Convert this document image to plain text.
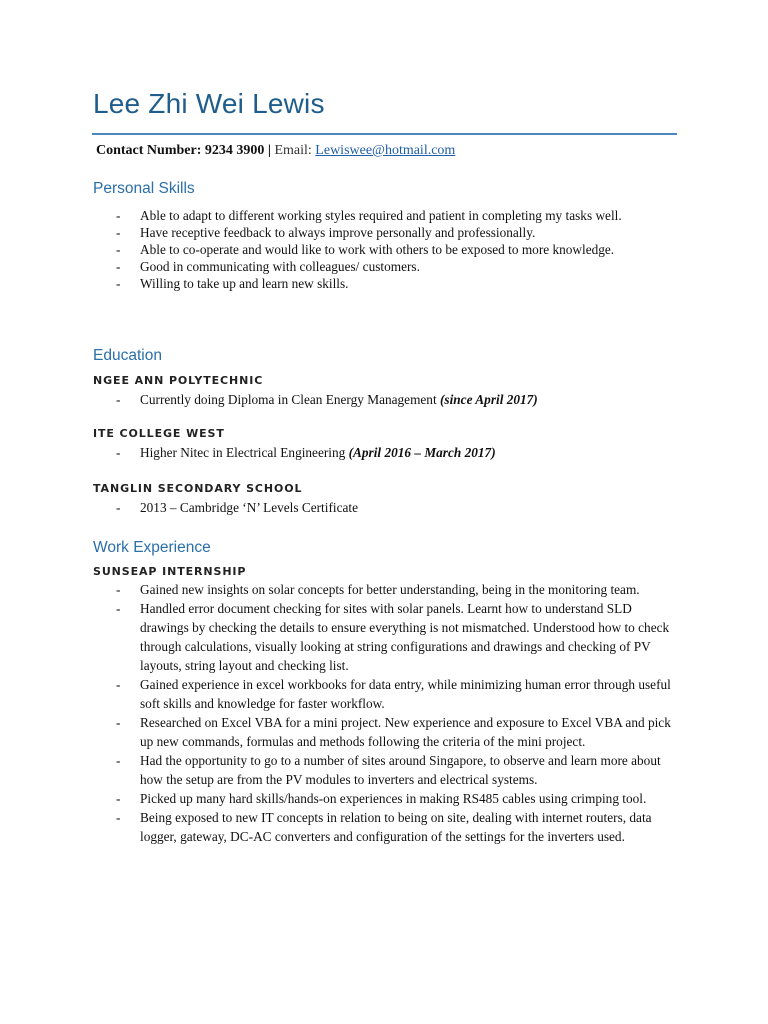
Lee Zhi Wei Lewis
Contact Number: 9234 3900 | Email: Lewiswee@hotmail.com
Personal Skills
- Able to adapt to different working styles required and patient in completing my tasks well.
- Have receptive feedback to always improve personally and professionally.
- Able to co-operate and would like to work with others to be exposed to more knowledge.
- Good in communicating with colleagues/ customers.
- Willing to take up and learn new skills.
Education
NGEE ANN POLYTECHNIC
- Currently doing Diploma in Clean Energy Management (since April 2017)
ITE COLLEGE WEST
- Higher Nitec in Electrical Engineering (April 2016 – March 2017)
TANGLIN SECONDARY SCHOOL
- 2013 – Cambridge ‘N’ Levels Certificate
Work Experience
SUNSEAP INTERNSHIP
- Gained new insights on solar concepts for better understanding, being in the monitoring team.
- Handled error document checking for sites with solar panels. Learnt how to understand SLD drawings by checking the details to ensure everything is not mismatched. Understood how to check through calculations, visually looking at string configurations and drawings and checking of PV layouts, string layout and checking list.
- Gained experience in excel workbooks for data entry, while minimizing human error through useful soft skills and knowledge for faster workflow.
- Researched on Excel VBA for a mini project. New experience and exposure to Excel VBA and pick up new commands, formulas and methods following the criteria of the mini project.
- Had the opportunity to go to a number of sites around Singapore, to observe and learn more about how the setup are from the PV modules to inverters and electrical systems.
- Picked up many hard skills/hands-on experiences in making RS485 cables using crimping tool.
- Being exposed to new IT concepts in relation to being on site, dealing with internet routers, data logger, gateway, DC-AC converters and configuration of the settings for the inverters used.
